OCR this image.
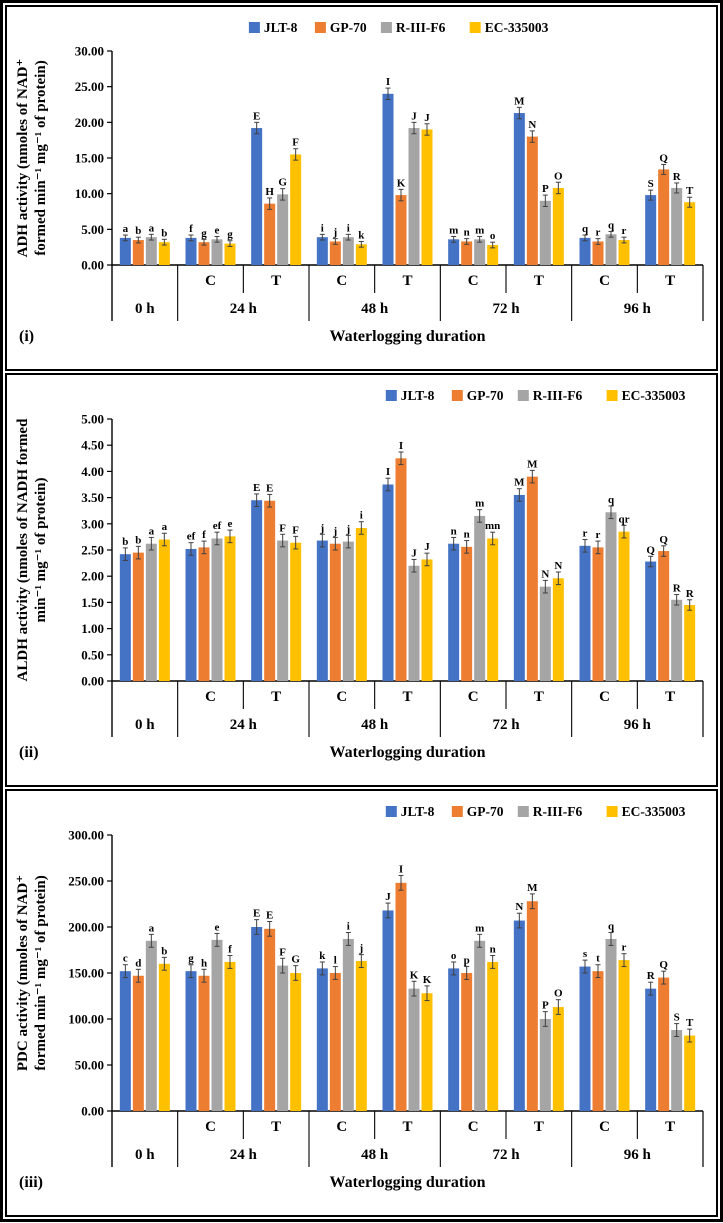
ADH activity (nmoles of NAD⁺ formed min⁻¹ mg⁻¹ of protein)
0.00
5.00
10.00
15.00
20.00
25.00
30.00
a b a b f g e g
E
H
G
F
i j i
k
I
K
J J
m n m o
M
N
P
O
q r
q r
S
Q
R
T
C	T	C	T	C	T	C	T
0 h	24 h	48 h	72 h	96 h
Waterlogging duration
(i)
JLT-8 GP-70 R-III-F6	EC-335003
ALDH activity (nmoles of NADH formed min⁻¹ mg⁻¹ of protein)
0.00
0.50
1.00
1.50
2.00
2.50
3.00
3.50
4.00
4.50
5.00
b b
a a
ef f
ef e
E E
F F j j j
i
I
I
J
J
n n
m
mn
M
M
N
N
r r
q
qr
Q
Q
R R
C	T	C	T	C	T	C	T
0 h	24 h	48 h	72 h	96 h
Waterlogging duration
(ii)
JLT-8 GP-70 R-III-F6	EC-335003
PDC activity (nmoles of NAD⁺ formed min⁻¹ mg⁻¹ of protein)
0.00
50.00
100.00
150.00
200.00
250.00
300.00
c d
a
b
g h
e
f
E E
F
G k l
i
j
J
I
K K
o p
m
n
N
M
P
O
s t
q
r
R
Q
S T
C	T	C	T	C	T	C	T
0 h	24 h	48 h	72 h	96 h
Waterlogging duration
(iii)
JLT-8 GP-70 R-III-F6	EC-335003
